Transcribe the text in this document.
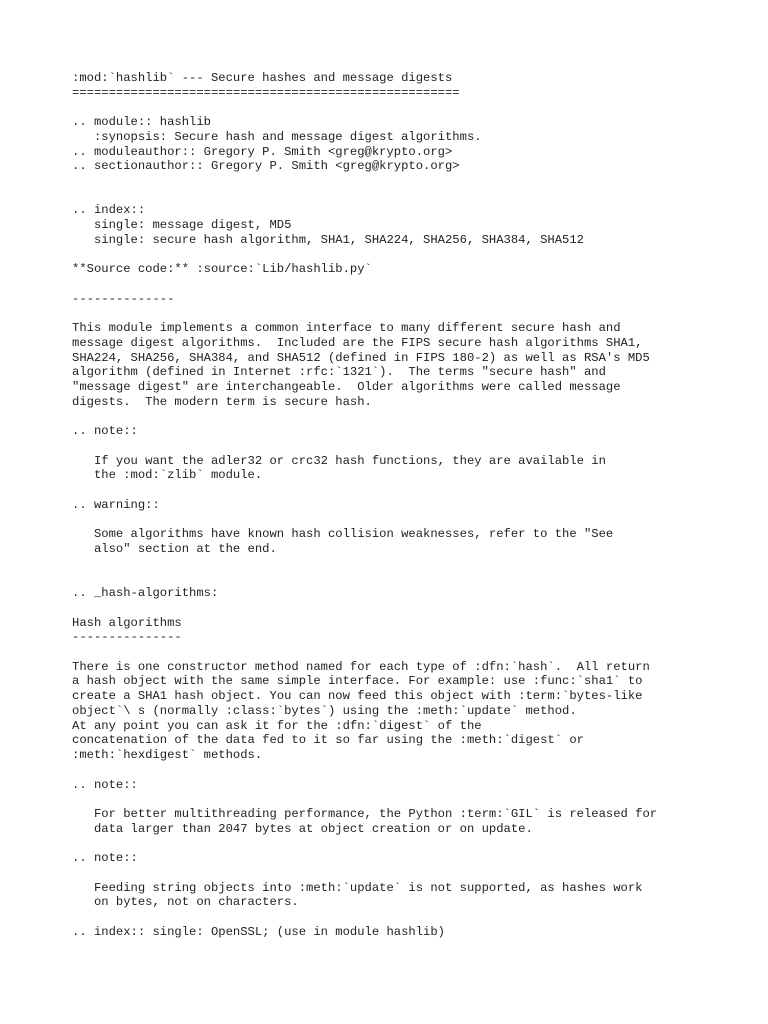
:mod:`hashlib` --- Secure hashes and message digests
=====================================================
.. module:: hashlib
:synopsis: Secure hash and message digest algorithms.
.. moduleauthor:: Gregory P. Smith <greg@krypto.org>
.. sectionauthor:: Gregory P. Smith <greg@krypto.org>
.. index::
single: message digest, MD5
single: secure hash algorithm, SHA1, SHA224, SHA256, SHA384, SHA512
**Source code:** :source:`Lib/hashlib.py`
--------------
This module implements a common interface to many different secure hash and
message digest algorithms.  Included are the FIPS secure hash algorithms SHA1,
SHA224, SHA256, SHA384, and SHA512 (defined in FIPS 180-2) as well as RSA's MD5
algorithm (defined in Internet :rfc:`1321`).  The terms "secure hash" and
"message digest" are interchangeable.  Older algorithms were called message
digests.  The modern term is secure hash.
.. note::
If you want the adler32 or crc32 hash functions, they are available in
the :mod:`zlib` module.
.. warning::
Some algorithms have known hash collision weaknesses, refer to the "See
also" section at the end.
.. _hash-algorithms:
Hash algorithms
---------------
There is one constructor method named for each type of :dfn:`hash`.  All return
a hash object with the same simple interface. For example: use :func:`sha1` to
create a SHA1 hash object. You can now feed this object with :term:`bytes-like
object`\ s (normally :class:`bytes`) using the :meth:`update` method.
At any point you can ask it for the :dfn:`digest` of the
concatenation of the data fed to it so far using the :meth:`digest` or
:meth:`hexdigest` methods.
.. note::
For better multithreading performance, the Python :term:`GIL` is released for
data larger than 2047 bytes at object creation or on update.
.. note::
Feeding string objects into :meth:`update` is not supported, as hashes work
on bytes, not on characters.
.. index:: single: OpenSSL; (use in module hashlib)
